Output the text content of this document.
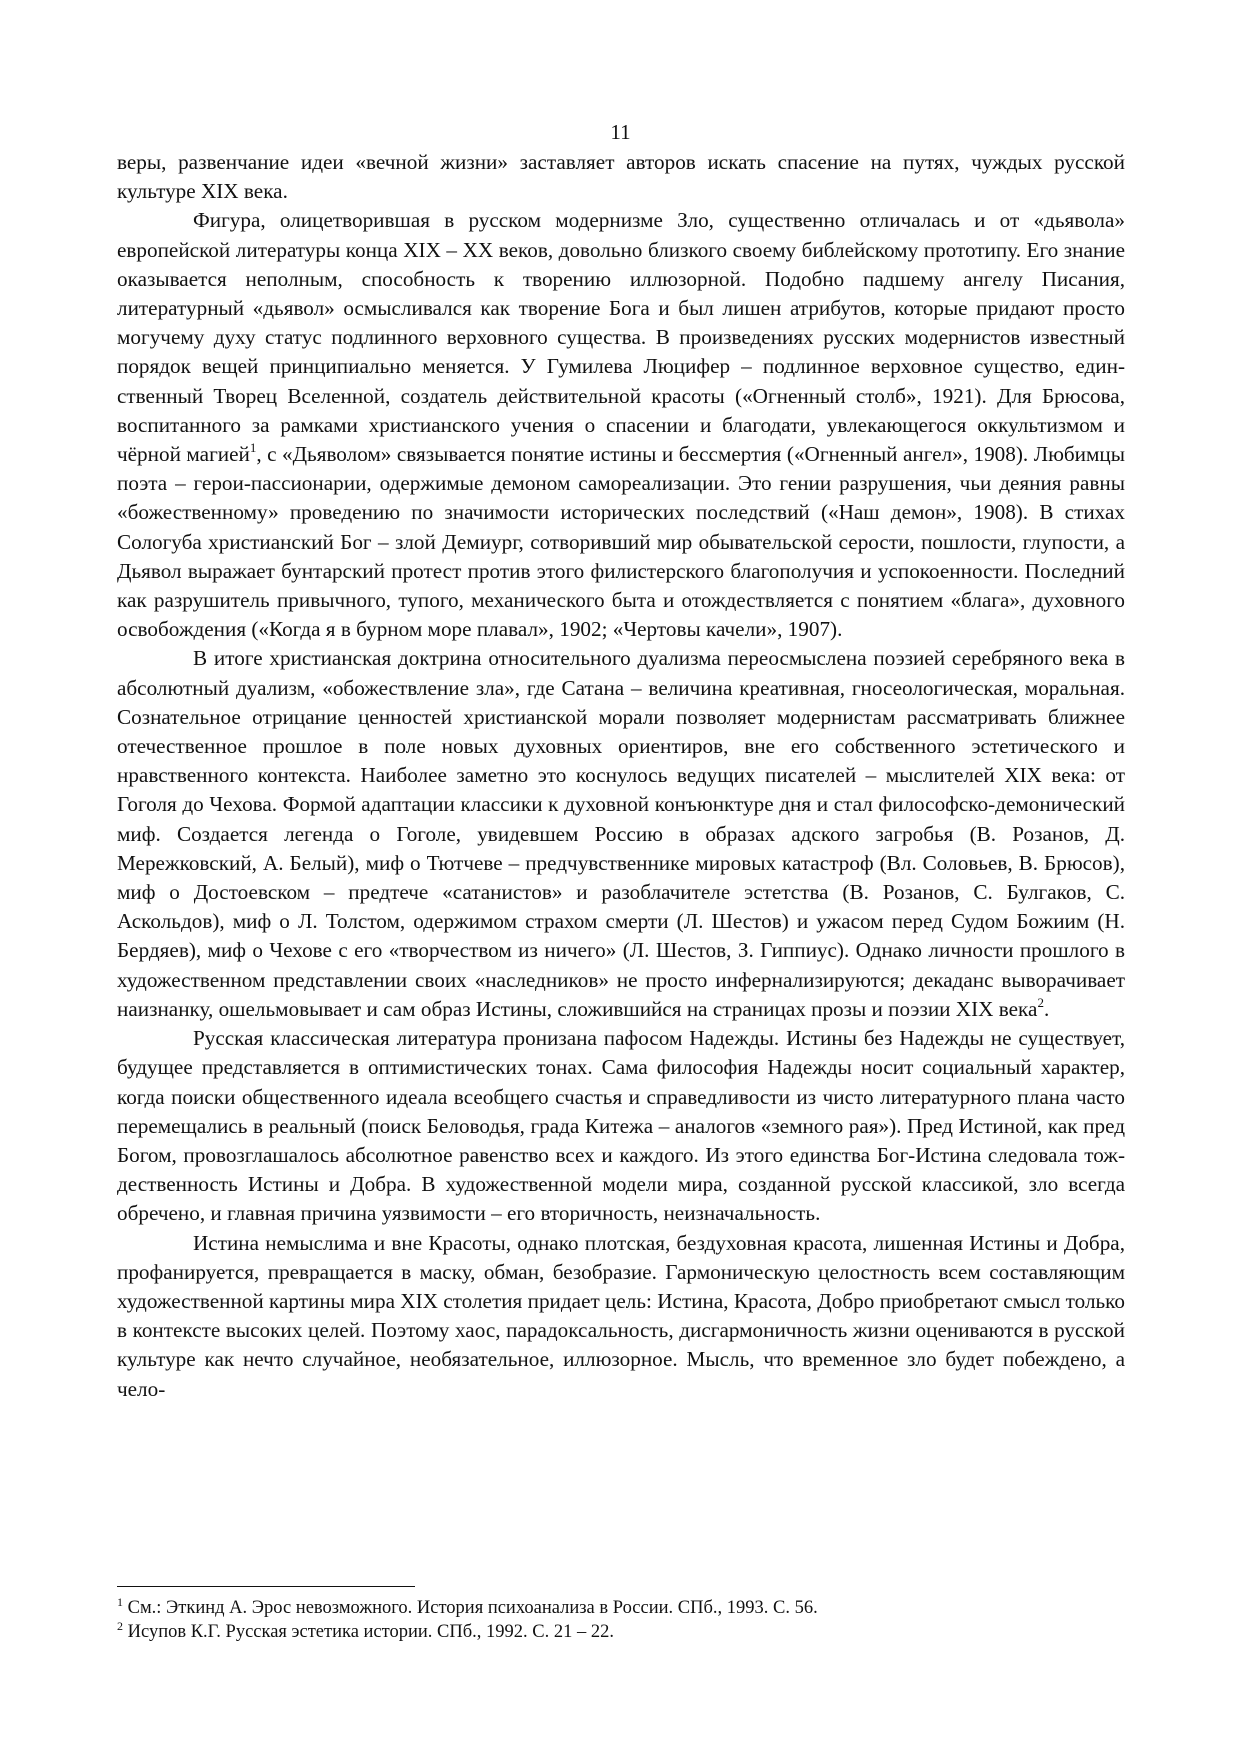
11

веры, развенчание идеи «вечной жизни» заставляет авторов искать спасение на путях, чуждых русской культуре XIX века.

Фигура, олицетворившая в русском модернизме Зло, существенно отличалась и от «дьявола» европейской литературы конца XIX – XX веков, довольно близкого своему библейскому прототипу. Его знание оказывается неполным, способность к творению иллюзорной. Подобно падшему ангелу Писания, литературный «дьявол» осмысливался как творение Бога и был лишен атрибутов, которые придают просто могучему духу статус подлинного верховного существа. В произведениях русских модернистов известный порядок вещей принципиально меняется. У Гумилева Люцифер – подлинное верховное существо, единственный Творец Вселенной, создатель действительной красоты («Огненный столб», 1921). Для Брюсова, воспитанного за рамками христианского учения о спасении и благодати, увлекающегося оккультизмом и чёрной магией$^1$, с «Дьяволом» связывается понятие истины и бессмертия («Огненный ангел», 1908). Любимцы поэта – герои-пассионарии, одержимые демоном самореализации. Это гении разрушения, чьи деяния равны «божественному» проведению по значимости исторических последствий («Наш демон», 1908). В стихах Сологуба христианский Бог – злой Демиург, сотворивший мир обывательской серости, пошлости, глупости, а Дьявол выражает бунтарский протест против этого филистерского благополучия и успокоенности. Последний как разрушитель привычного, тупого, механического быта и отождествляется с понятием «блага», духовного освобождения («Когда я в бурном море плавал», 1902; «Чертовы качели», 1907).

В итоге христианская доктрина относительного дуализма переосмыслена поэзией серебряного века в абсолютный дуализм, «обожествление зла», где Сатана – величина креативная, гносеологическая, моральная. Сознательное отрицание ценностей христианской морали позволяет модернистам рассматривать ближнее отечественное прошлое в поле новых духовных ориентиров, вне его собственного эстетического и нравственного контекста. Наиболее заметно это коснулось ведущих писателей – мыслителей XIX века: от Гоголя до Чехова. Формой адаптации классики к духовной конъюнктуре дня и стал философско-демонический миф. Создается легенда о Гоголе, увидевшем Россию в образах адского загробья (В. Розанов, Д. Мережковский, А. Белый), миф о Тютчеве – предчувственнике мировых катастроф (Вл. Соловьев, В. Брюсов), миф о Достоевском – предтече «сатанистов» и разоблачителе эстетства (В. Розанов, С. Булгаков, С. Аскольдов), миф о Л. Толстом, одержимом страхом смерти (Л. Шестов) и ужасом перед Судом Божиим (Н. Бердяев), миф о Чехове с его «творчеством из ничего» (Л. Шестов, З. Гиппиус). Однако личности прошлого в художественном представлении своих «наследников» не просто инфернализируются; декаданс выворачивает наизнанку, ошельмовывает и сам образ Истины, сложившийся на страницах прозы и поэзии XIX века$^2$.

Русская классическая литература пронизана пафосом Надежды. Истины без Надежды не существует, будущее представляется в оптимистических тонах. Сама философия Надежды носит социальный характер, когда поиски общественного идеала всеобщего счастья и справедливости из чисто литературного плана часто перемещались в реальный (поиск Беловодья, града Китежа – аналогов «земного рая»). Пред Истиной, как пред Богом, провозглашалось абсолютное равенство всех и каждого. Из этого единства Бог-Истина следовала тождественность Истины и Добра. В художественной модели мира, созданной русской классикой, зло всегда обречено, и главная причина уязвимости – его вторичность, неизначальность.

Истина немыслима и вне Красоты, однако плотская, бездуховная красота, лишенная Истины и Добра, профанируется, превращается в маску, обман, безобразие. Гармоническую целостность всем составляющим художественной картины мира XIX столетия придает цель: Истина, Красота, Добро приобретают смысл только в контексте высоких целей. Поэтому хаос, парадоксальность, дисгармоничность жизни оцениваются в русской культуре как нечто случайное, необязательное, иллюзорное. Мысль, что временное зло будет побеждено, а чело-

$^1$ См.: Эткинд А. Эрос невозможного. История психоанализа в России. СПб., 1993. С. 56.

$^2$ Исупов К.Г. Русская эстетика истории. СПб., 1992. С. 21 – 22.
